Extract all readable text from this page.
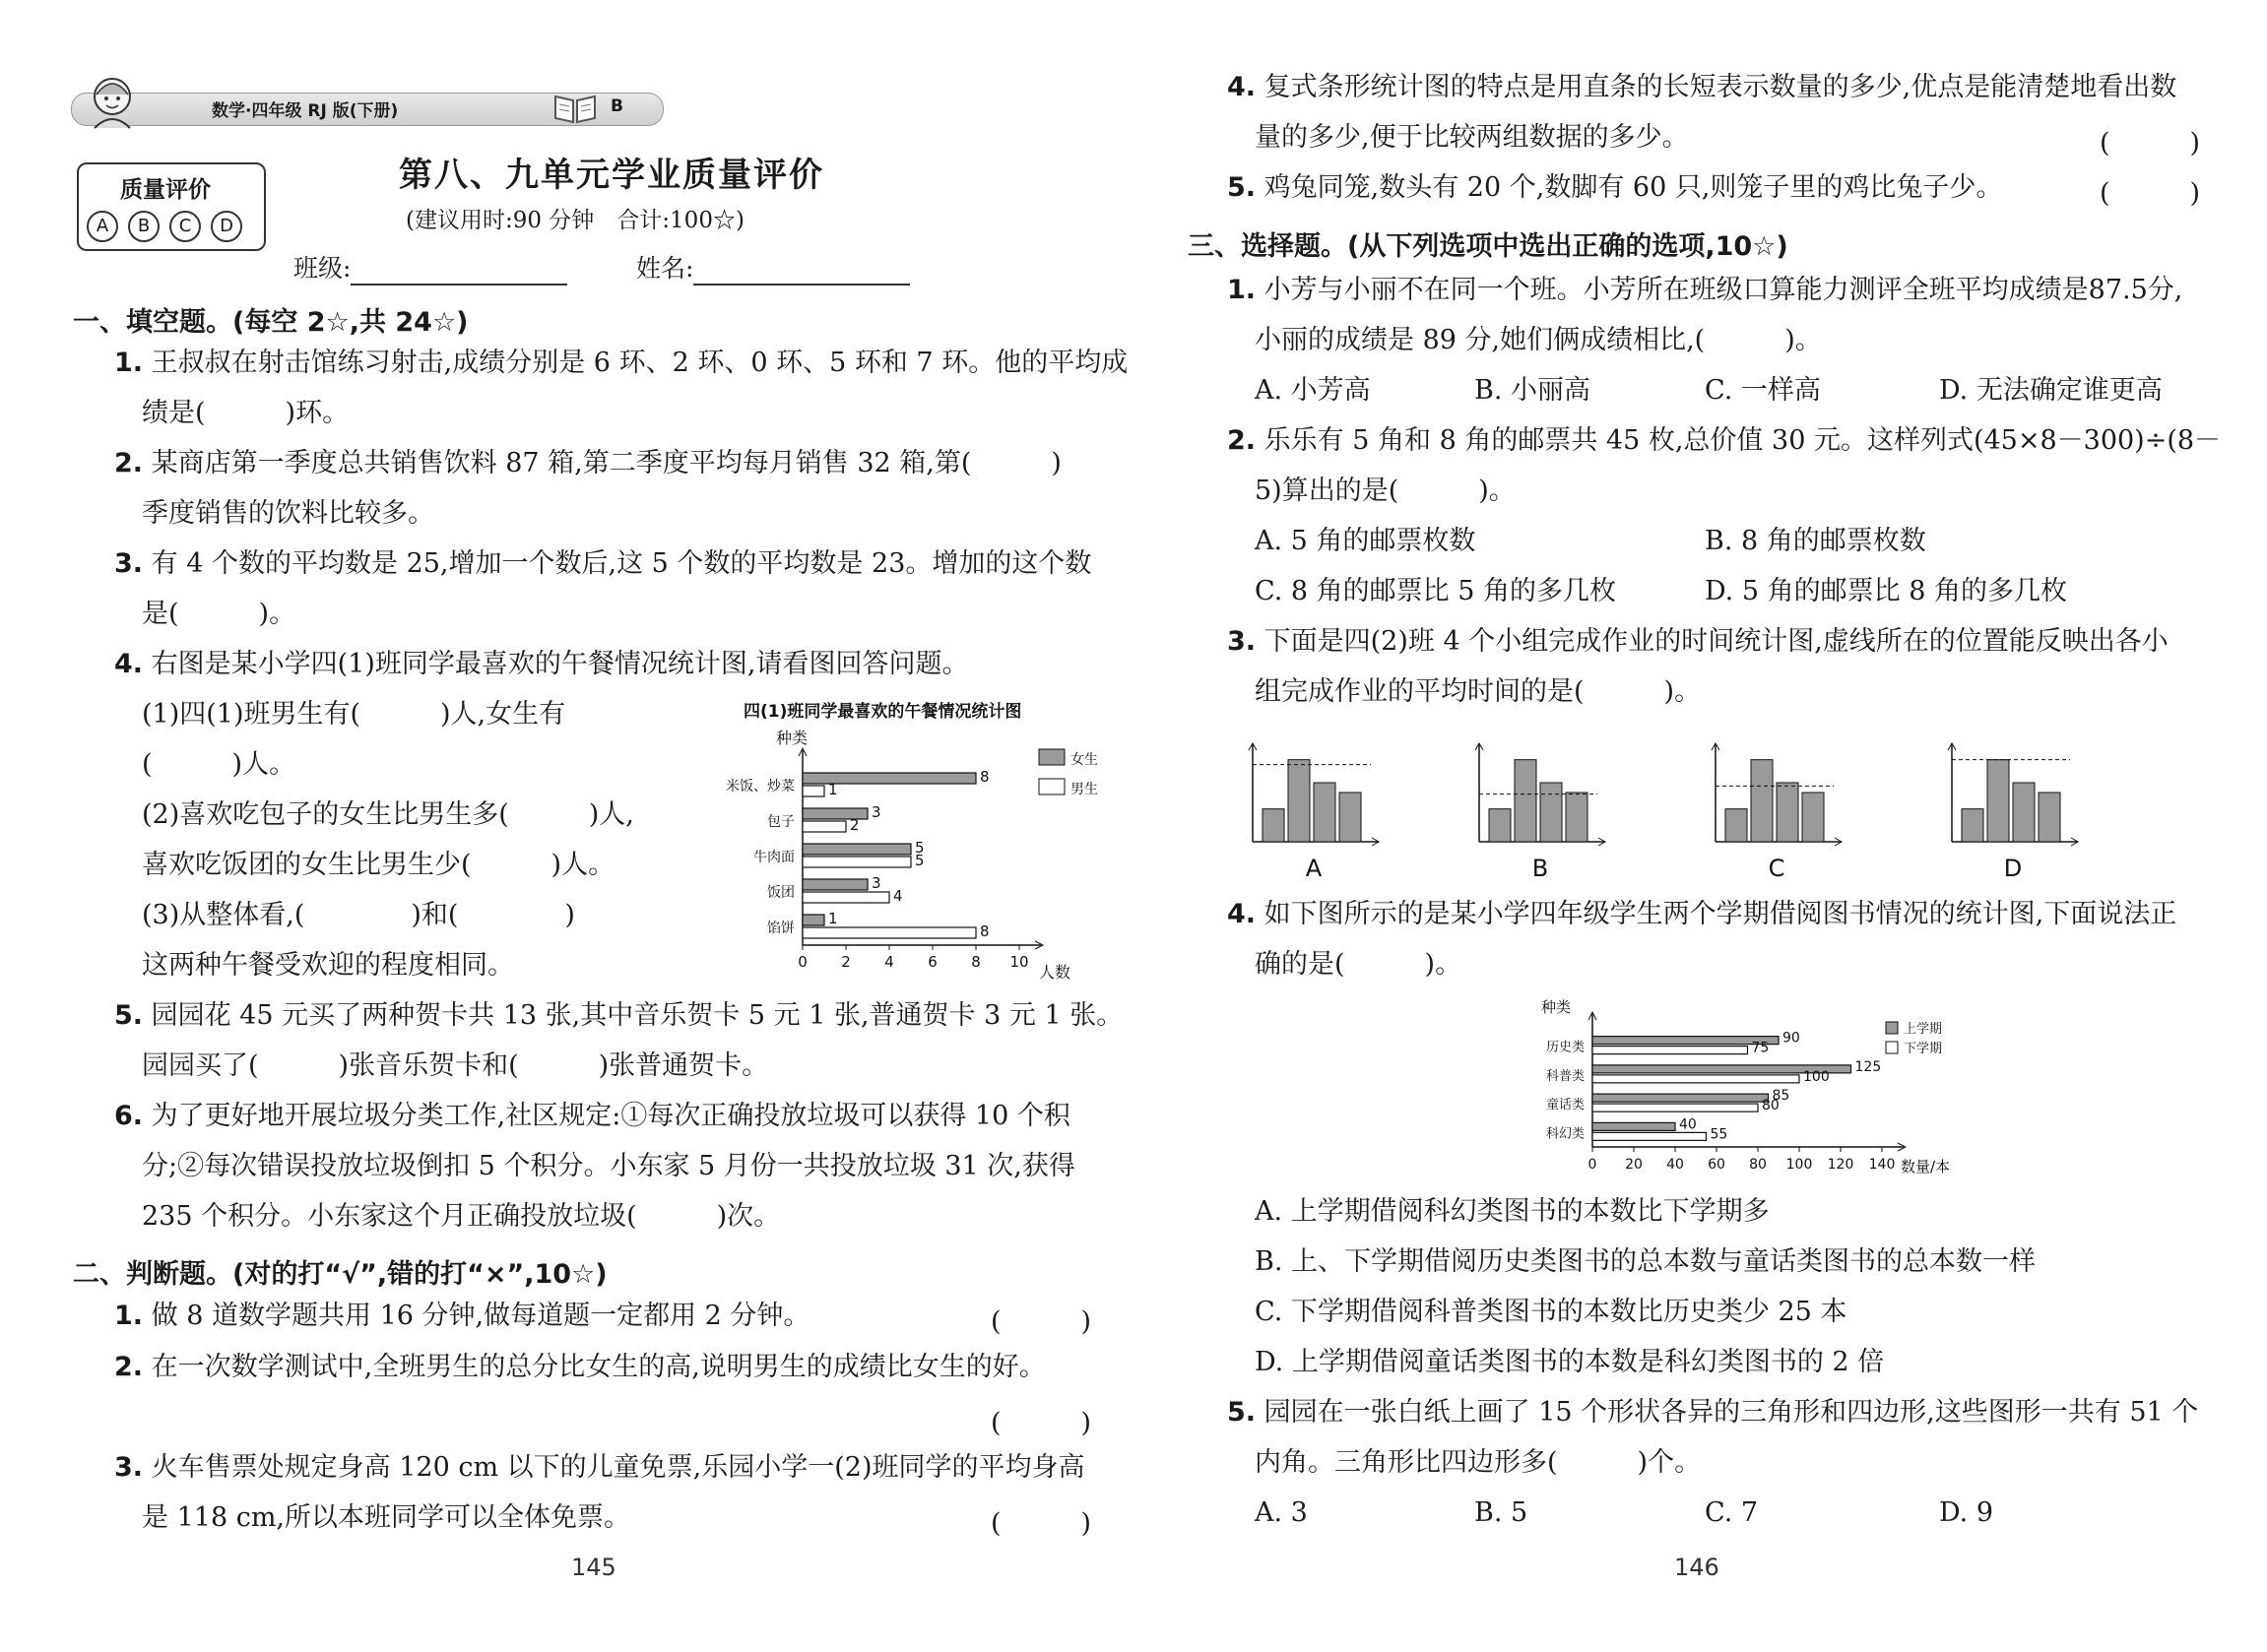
数学·四年级 RJ 版(下册)	B
质量评价
A	B	C	D
第八、九单元学业质量评价
(建议用时:90 分钟　合计:100☆)
班级:	姓名:
一、填空题。(每空 2☆,共 24☆)
1. 王叔叔在射击馆练习射击,成绩分别是 6 环、2 环、0 环、5 环和 7 环。他的平均成
绩是(　　　)环。
2. 某商店第一季度总共销售饮料 87 箱,第二季度平均每月销售 32 箱,第(　　　)
季度销售的饮料比较多。
3. 有 4 个数的平均数是 25,增加一个数后,这 5 个数的平均数是 23。增加的这个数
是(　　　)。
4. 右图是某小学四(1)班同学最喜欢的午餐情况统计图,请看图回答问题。
(1)四(1)班男生有(　　　)人,女生有
(　　　)人。
(2)喜欢吃包子的女生比男生多(　　　)人,
喜欢吃饭团的女生比男生少(　　　)人。
(3)从整体看,(　　　　)和(　　　　)
这两种午餐受欢迎的程度相同。
四(1)班同学最喜欢的午餐情况统计图
种类
人数
女生
男生
0 2 4 6 8 10
米饭、炒菜
8
1
包子
3
2
牛肉面
5
5
饭团
3
4
馅饼
1
8
5. 园园花 45 元买了两种贺卡共 13 张,其中音乐贺卡 5 元 1 张,普通贺卡 3 元 1 张。
园园买了(　　　)张音乐贺卡和(　　　)张普通贺卡。
6. 为了更好地开展垃圾分类工作,社区规定:①每次正确投放垃圾可以获得 10 个积
分;②每次错误投放垃圾倒扣 5 个积分。小东家 5 月份一共投放垃圾 31 次,获得
235 个积分。小东家这个月正确投放垃圾(　　　)次。
二、判断题。(对的打“√”,错的打“×”,10☆)
1. 做 8 道数学题共用 16 分钟,做每道题一定都用 2 分钟。	(　　　)
2. 在一次数学测试中,全班男生的总分比女生的高,说明男生的成绩比女生的好。
(　　　)
3. 火车售票处规定身高 120 cm 以下的儿童免票,乐园小学一(2)班同学的平均身高
是 118 cm,所以本班同学可以全体免票。	(　　　)
145
4. 复式条形统计图的特点是用直条的长短表示数量的多少,优点是能清楚地看出数
量的多少,便于比较两组数据的多少。	(　　　)
5. 鸡兔同笼,数头有 20 个,数脚有 60 只,则笼子里的鸡比兔子少。	(　　　)
三、选择题。(从下列选项中选出正确的选项,10☆)
1. 小芳与小丽不在同一个班。小芳所在班级口算能力测评全班平均成绩是87.5分,
小丽的成绩是 89 分,她们俩成绩相比,(　　　)。
A. 小芳高	B. 小丽高	C. 一样高	D. 无法确定谁更高
2. 乐乐有 5 角和 8 角的邮票共 45 枚,总价值 30 元。这样列式(45×8－300)÷(8－
5)算出的是(　　　)。
A. 5 角的邮票枚数	B. 8 角的邮票枚数
C. 8 角的邮票比 5 角的多几枚	D. 5 角的邮票比 8 角的多几枚
3. 下面是四(2)班 4 个小组完成作业的时间统计图,虚线所在的位置能反映出各小
组完成作业的平均时间的是(　　　)。
A	B	C	D
4. 如下图所示的是某小学四年级学生两个学期借阅图书情况的统计图,下面说法正
确的是(　　　)。
种类
数量/本
上学期
下学期
0 20 40 60 80 100 120 140
历史类
90
75
科普类
125
100
童话类
85
80
科幻类
40
55
A. 上学期借阅科幻类图书的本数比下学期多
B. 上、下学期借阅历史类图书的总本数与童话类图书的总本数一样
C. 下学期借阅科普类图书的本数比历史类少 25 本
D. 上学期借阅童话类图书的本数是科幻类图书的 2 倍
5. 园园在一张白纸上画了 15 个形状各异的三角形和四边形,这些图形一共有 51 个
内角。三角形比四边形多(　　　)个。
A. 3	B. 5	C. 7	D. 9
146
